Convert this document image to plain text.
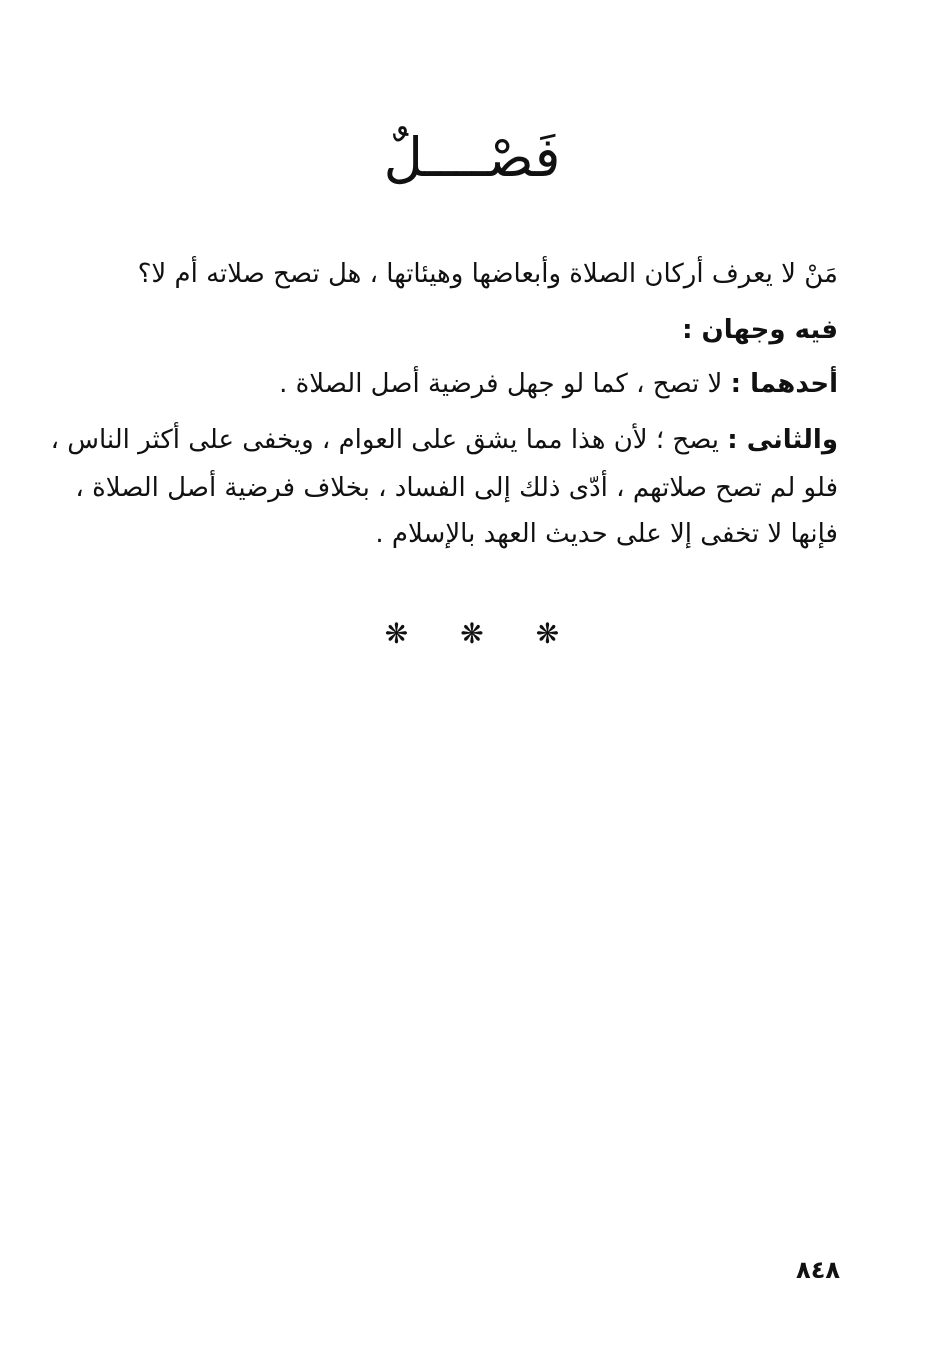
فَصْــــلٌ

مَنْ لا يعرف أركان الصلاة وأبعاضها وهيئاتها ، هل تصح صلاته أم لا؟

فيه وجهان :

أحدهما : لا تصح ، كما لو جهل فرضية أصل الصلاة .

والثانى : يصح ؛ لأن هذا مما يشق على العوام ، ويخفى على أكثر الناس ،

فلو لم تصح صلاتهم ، أدّى ذلك إلى الفساد ، بخلاف فرضية أصل الصلاة ،

فإنها لا تخفى إلا على حديث العهد بالإسلام .

❋ ❋ ❋
٨٤٨
